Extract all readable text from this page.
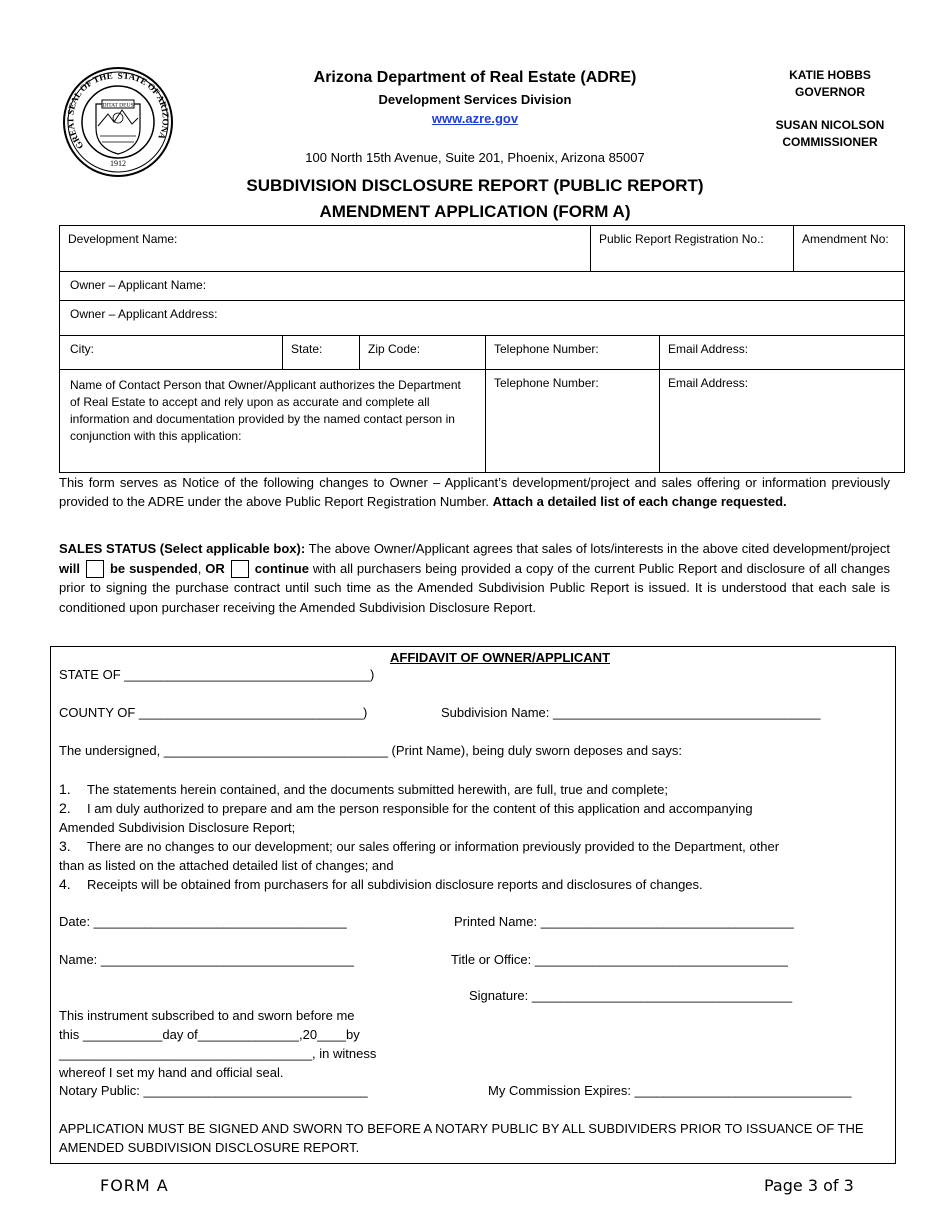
GREAT SEAL OF THE STATE OF ARIZONA
DITAT DEUS
1912
Arizona Department of Real Estate (ADRE)
Development Services Division
www.azre.gov
100 North 15th Avenue, Suite 201, Phoenix, Arizona 85007
KATIE HOBBS
GOVERNOR
SUSAN NICOLSON
COMMISSIONER
SUBDIVISION DISCLOSURE REPORT (PUBLIC REPORT)
AMENDMENT APPLICATION (FORM A)
Development Name:	Public Report Registration No.:	Amendment No:
Owner – Applicant Name:
Owner – Applicant Address:
City:	State:	Zip Code:	Telephone Number:	Email Address:
Name of Contact Person that Owner/Applicant authorizes the Department of Real Estate to accept and rely upon as accurate and complete all information and documentation provided by the named contact person in conjunction with this application:
Telephone Number:	Email Address:
This form serves as Notice of the following changes to Owner – Applicant’s development/project and sales offering or information previously provided to the ADRE under the above Public Report Registration Number. Attach a detailed list of each change requested.
SALES STATUS (Select applicable box): The above Owner/Applicant agrees that sales of lots/interests in the above cited development/project will be suspended, OR continue with all purchasers being provided a copy of the current Public Report and disclosure of all changes prior to signing the purchase contract until such time as the Amended Subdivision Public Report is issued. It is understood that each sale is conditioned upon purchaser receiving the Amended Subdivision Disclosure Report.
AFFIDAVIT OF OWNER/APPLICANT
STATE OF __________________________________)
COUNTY OF _______________________________)	Subdivision Name: _____________________________________
The undersigned, _______________________________ (Print Name), being duly sworn deposes and says:
1. The statements herein contained, and the documents submitted herewith, are full, true and complete;
2. I am duly authorized to prepare and am the person responsible for the content of this application and accompanying
Amended Subdivision Disclosure Report;
3. There are no changes to our development; our sales offering or information previously provided to the Department, other
than as listed on the attached detailed list of changes; and
4. Receipts will be obtained from purchasers for all subdivision disclosure reports and disclosures of changes.
Date: ___________________________________	Printed Name: ___________________________________
Name: ___________________________________	Title or Office: ___________________________________
Signature: ____________________________________
This instrument subscribed to and sworn before me
this ___________day of______________,20____by
___________________________________, in witness
whereof I set my hand and official seal.
Notary Public: _______________________________	My Commission Expires: ______________________________
APPLICATION MUST BE SIGNED AND SWORN TO BEFORE A NOTARY PUBLIC BY ALL SUBDIVIDERS PRIOR TO ISSUANCE OF THE AMENDED SUBDIVISION DISCLOSURE REPORT.
FORM A	Page 3 of 3
